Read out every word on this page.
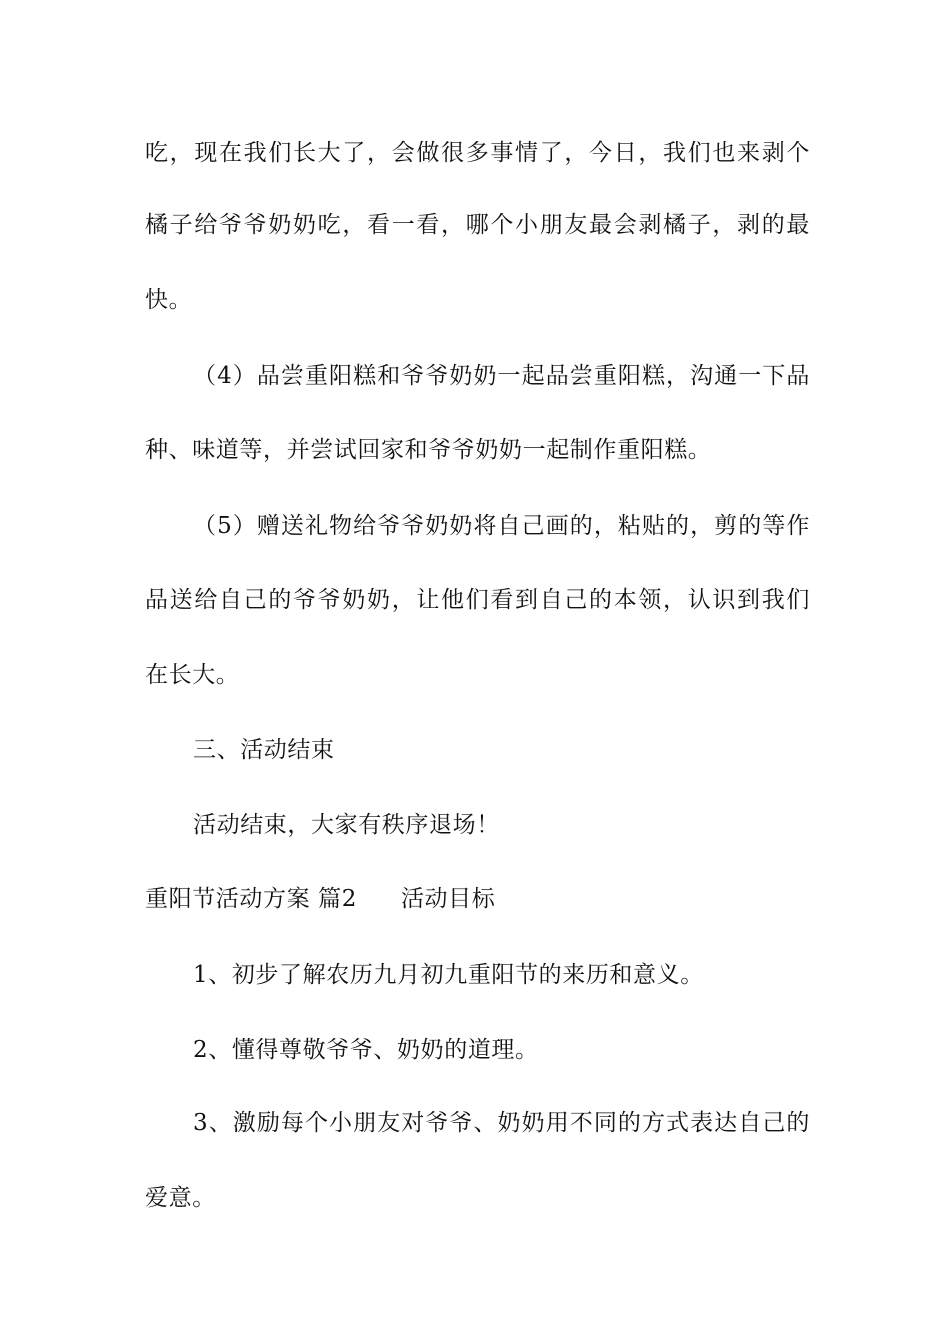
吃，现在我们长大了，会做很多事情了，今日，我们也来剥个
橘子给爷爷奶奶吃，看一看，哪个小朋友最会剥橘子，剥的最
快。
（4）品尝重阳糕和爷爷奶奶一起品尝重阳糕，沟通一下品
种、味道等，并尝试回家和爷爷奶奶一起制作重阳糕。
（5）赠送礼物给爷爷奶奶将自己画的，粘贴的，剪的等作
品送给自己的爷爷奶奶，让他们看到自己的本领，认识到我们
在长大。
三、活动结束
活动结束，大家有秩序退场！
重阳节活动方案 篇2 活动目标
1、初步了解农历九月初九重阳节的来历和意义。
2、懂得尊敬爷爷、奶奶的道理。
3、激励每个小朋友对爷爷、奶奶用不同的方式表达自己的
爱意。
